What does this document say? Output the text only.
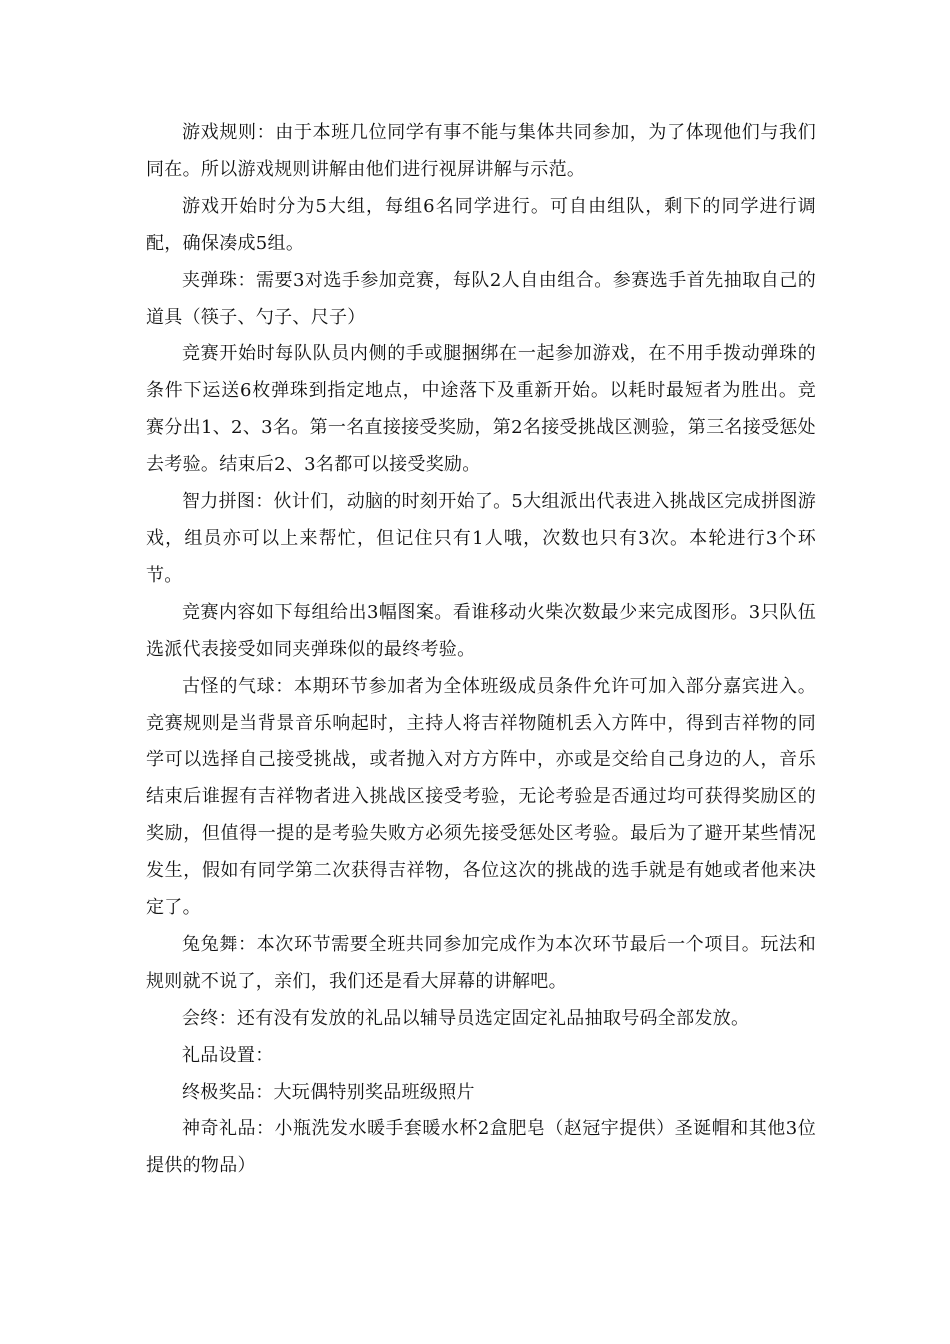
游戏规则：由于本班几位同学有事不能与集体共同参加，为了体现他们与我们同在。所以游戏规则讲解由他们进行视屏讲解与示范。

游戏开始时分为5大组，每组6名同学进行。可自由组队，剩下的同学进行调配，确保凑成5组。

夹弹珠：需要3对选手参加竞赛，每队2人自由组合。参赛选手首先抽取自己的道具（筷子、勺子、尺子）

竞赛开始时每队队员内侧的手或腿捆绑在一起参加游戏，在不用手拨动弹珠的条件下运送6枚弹珠到指定地点，中途落下及重新开始。以耗时最短者为胜出。竞赛分出1、2、3名。第一名直接接受奖励，第2名接受挑战区测验，第三名接受惩处去考验。结束后2、3名都可以接受奖励。

智力拼图：伙计们，动脑的时刻开始了。5大组派出代表进入挑战区完成拼图游戏，组员亦可以上来帮忙，但记住只有1人哦，次数也只有3次。本轮进行3个环节。

竞赛内容如下每组给出3幅图案。看谁移动火柴次数最少来完成图形。3只队伍选派代表接受如同夹弹珠似的最终考验。

古怪的气球：本期环节参加者为全体班级成员条件允许可加入部分嘉宾进入。竞赛规则是当背景音乐响起时，主持人将吉祥物随机丢入方阵中，得到吉祥物的同学可以选择自己接受挑战，或者抛入对方方阵中，亦或是交给自己身边的人，音乐结束后谁握有吉祥物者进入挑战区接受考验，无论考验是否通过均可获得奖励区的奖励，但值得一提的是考验失败方必须先接受惩处区考验。最后为了避开某些情况发生，假如有同学第二次获得吉祥物，各位这次的挑战的选手就是有她或者他来决定了。

兔兔舞：本次环节需要全班共同参加完成作为本次环节最后一个项目。玩法和规则就不说了，亲们，我们还是看大屏幕的讲解吧。

会终：还有没有发放的礼品以辅导员选定固定礼品抽取号码全部发放。

礼品设置：

终极奖品：大玩偶特别奖品班级照片

神奇礼品：小瓶洗发水暖手套暖水杯2盒肥皂（赵冠宇提供）圣诞帽和其他3位提供的物品）
